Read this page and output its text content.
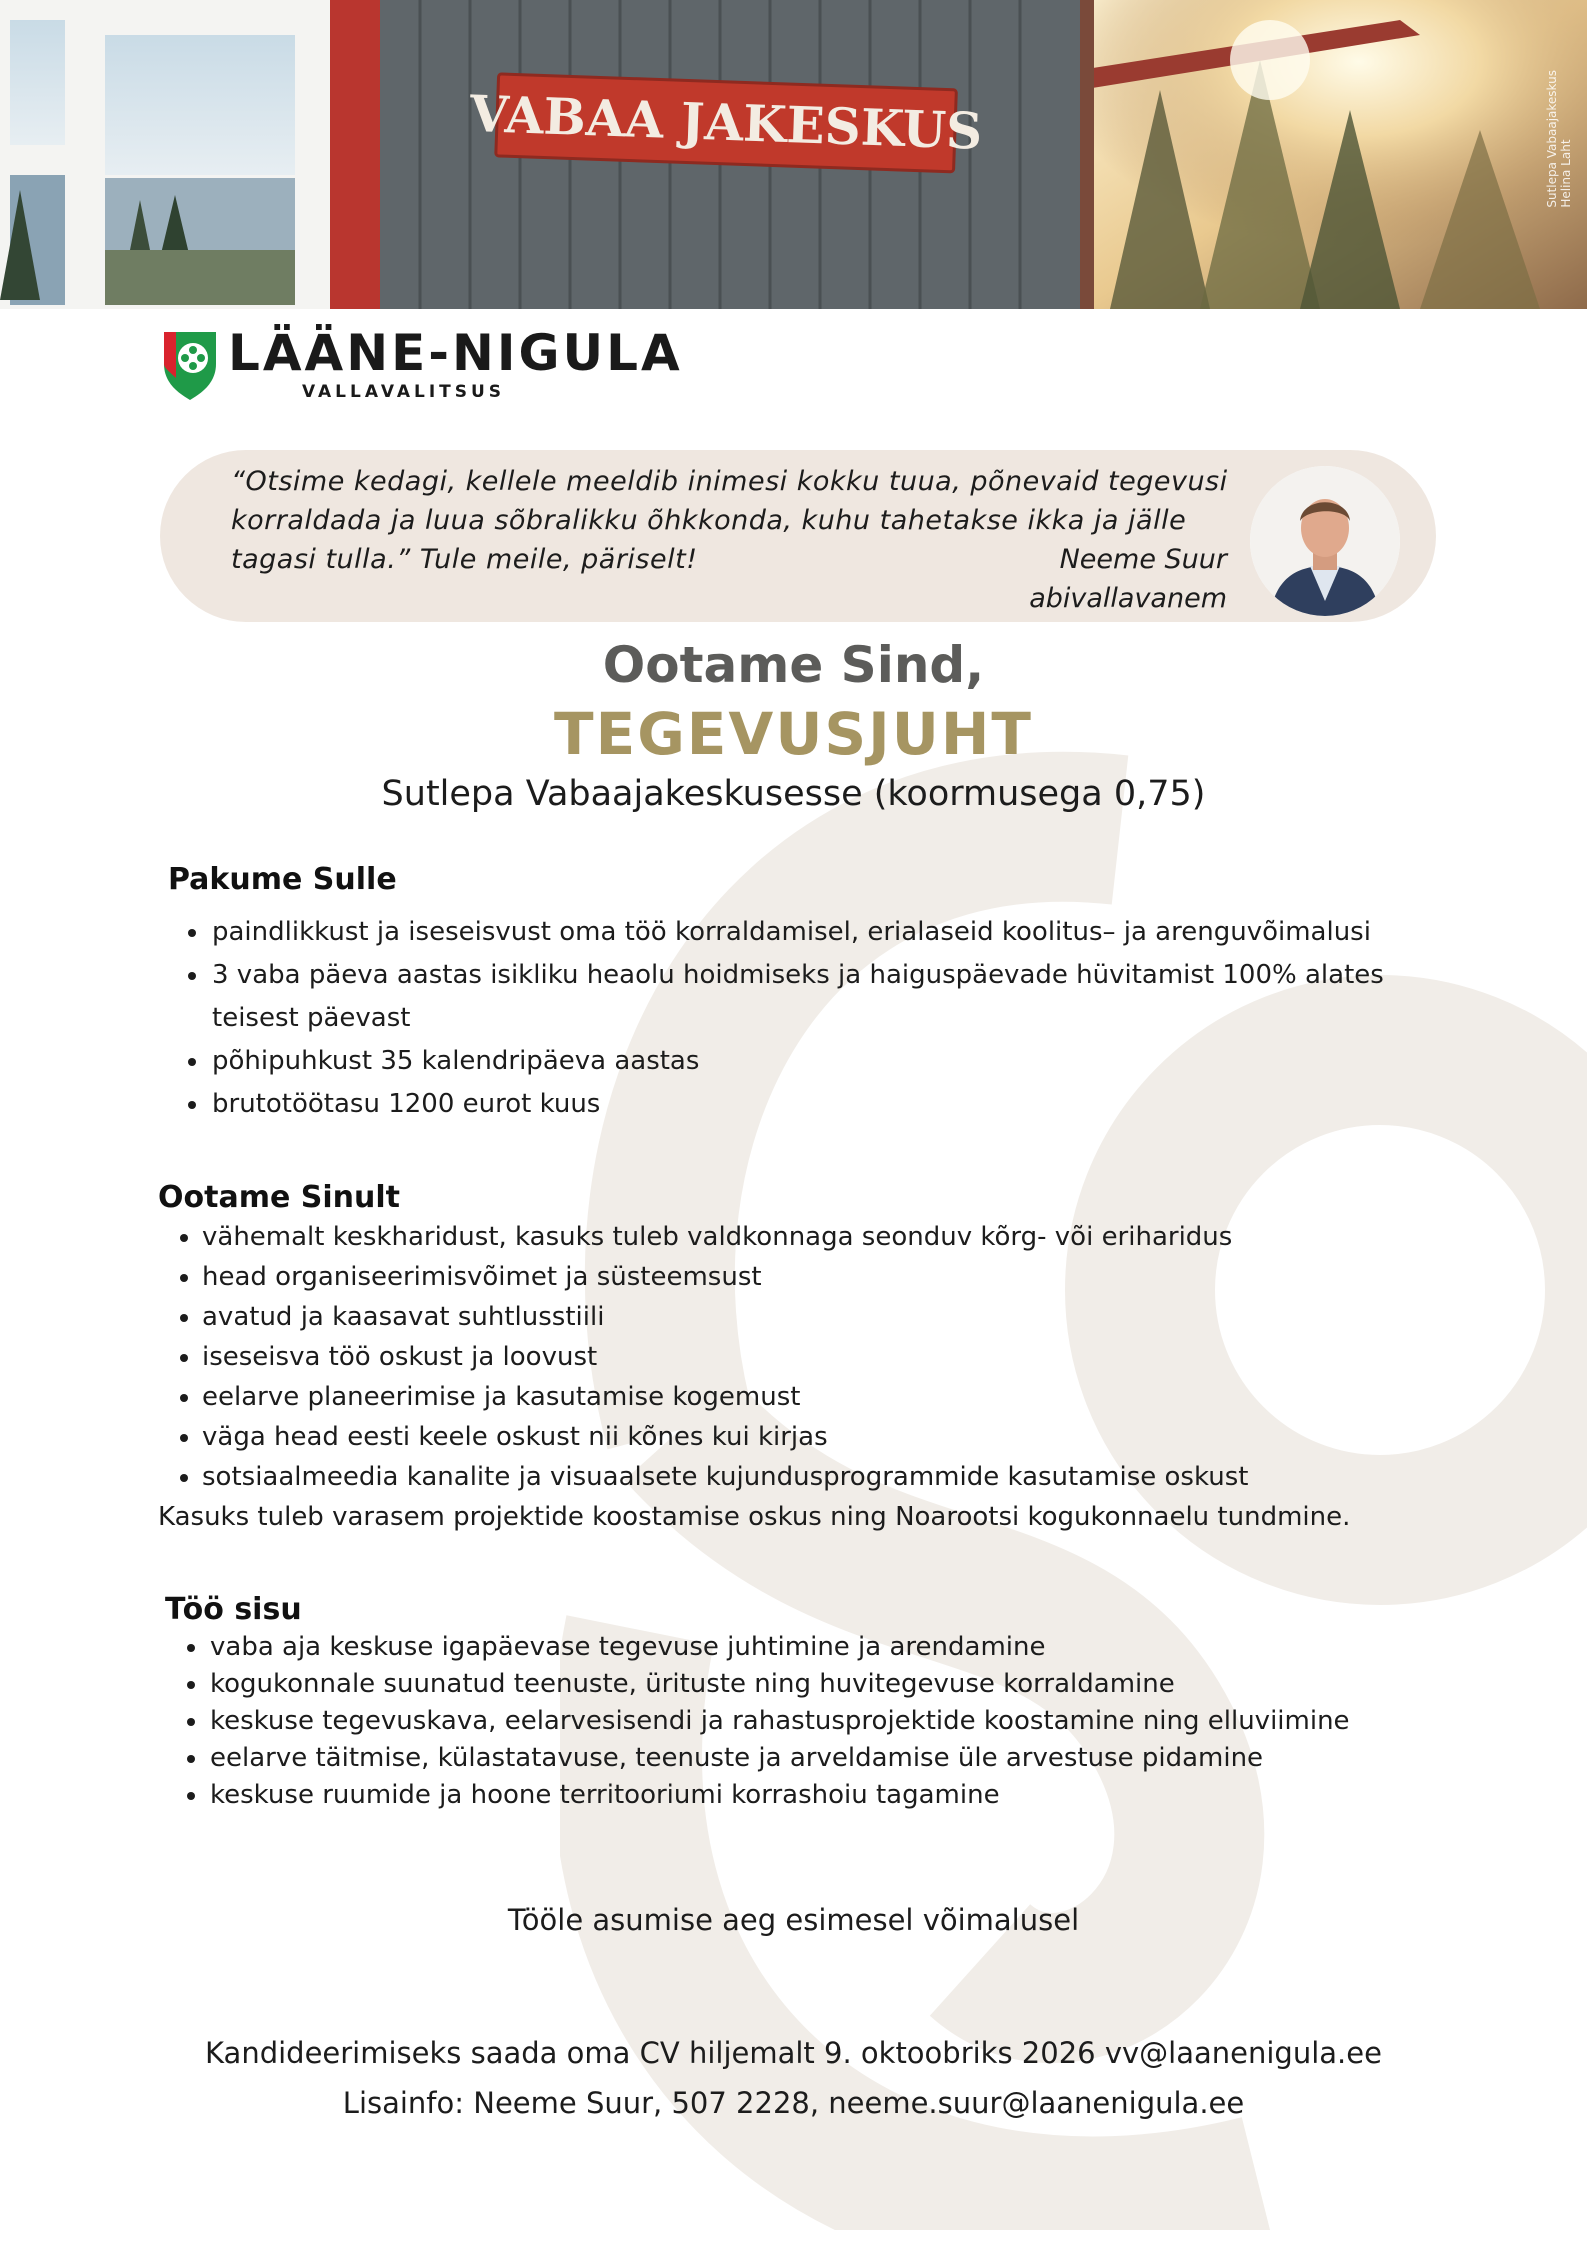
VABAA JAKESKUS	Sutlepa Vabaajakeskus Helina Laht
LÄÄNE-NIGULA
VALLAVALITSUS
“Otsime kedagi, kellele meeldib inimesi kokku tuua, põnevaid tegevusi
korraldada ja luua sõbralikku õhkkonda, kuhu tahetakse ikka ja jälle
tagasi tulla.” Tule meile, päriselt!	Neeme Suur
abivallavanem
Ootame Sind,
TEGEVUSJUHT
Sutlepa Vabaajakeskusesse (koormusega 0,75)
Pakume Sulle
paindlikkust ja iseseisvust oma töö korraldamisel, erialaseid koolitus– ja arenguvõimalusi
3 vaba päeva aastas isikliku heaolu hoidmiseks ja haiguspäevade hüvitamist 100% alates teisest päevast
põhipuhkust 35 kalendripäeva aastas
brutotöötasu 1200 eurot kuus
Ootame Sinult
vähemalt keskharidust, kasuks tuleb valdkonnaga seonduv kõrg- või eriharidus
head organiseerimisvõimet ja süsteemsust
avatud ja kaasavat suhtlusstiili
iseseisva töö oskust ja loovust
eelarve planeerimise ja kasutamise kogemust
väga head eesti keele oskust nii kõnes kui kirjas
sotsiaalmeedia kanalite ja visuaalsete kujundusprogrammide kasutamise oskust
Kasuks tuleb varasem projektide koostamise oskus ning Noarootsi kogukonnaelu tundmine.
Töö sisu
vaba aja keskuse igapäevase tegevuse juhtimine ja arendamine
kogukonnale suunatud teenuste, ürituste ning huvitegevuse korraldamine
keskuse tegevuskava, eelarvesisendi ja rahastusprojektide koostamine ning elluviimine
eelarve täitmise, külastatavuse, teenuste ja arveldamise üle arvestuse pidamine
keskuse ruumide ja hoone territooriumi korrashoiu tagamine
Tööle asumise aeg esimesel võimalusel
Kandideerimiseks saada oma CV hiljemalt 9. oktoobriks 2026 vv@laanenigula.ee
Lisainfo: Neeme Suur, 507 2228, neeme.suur@laanenigula.ee
